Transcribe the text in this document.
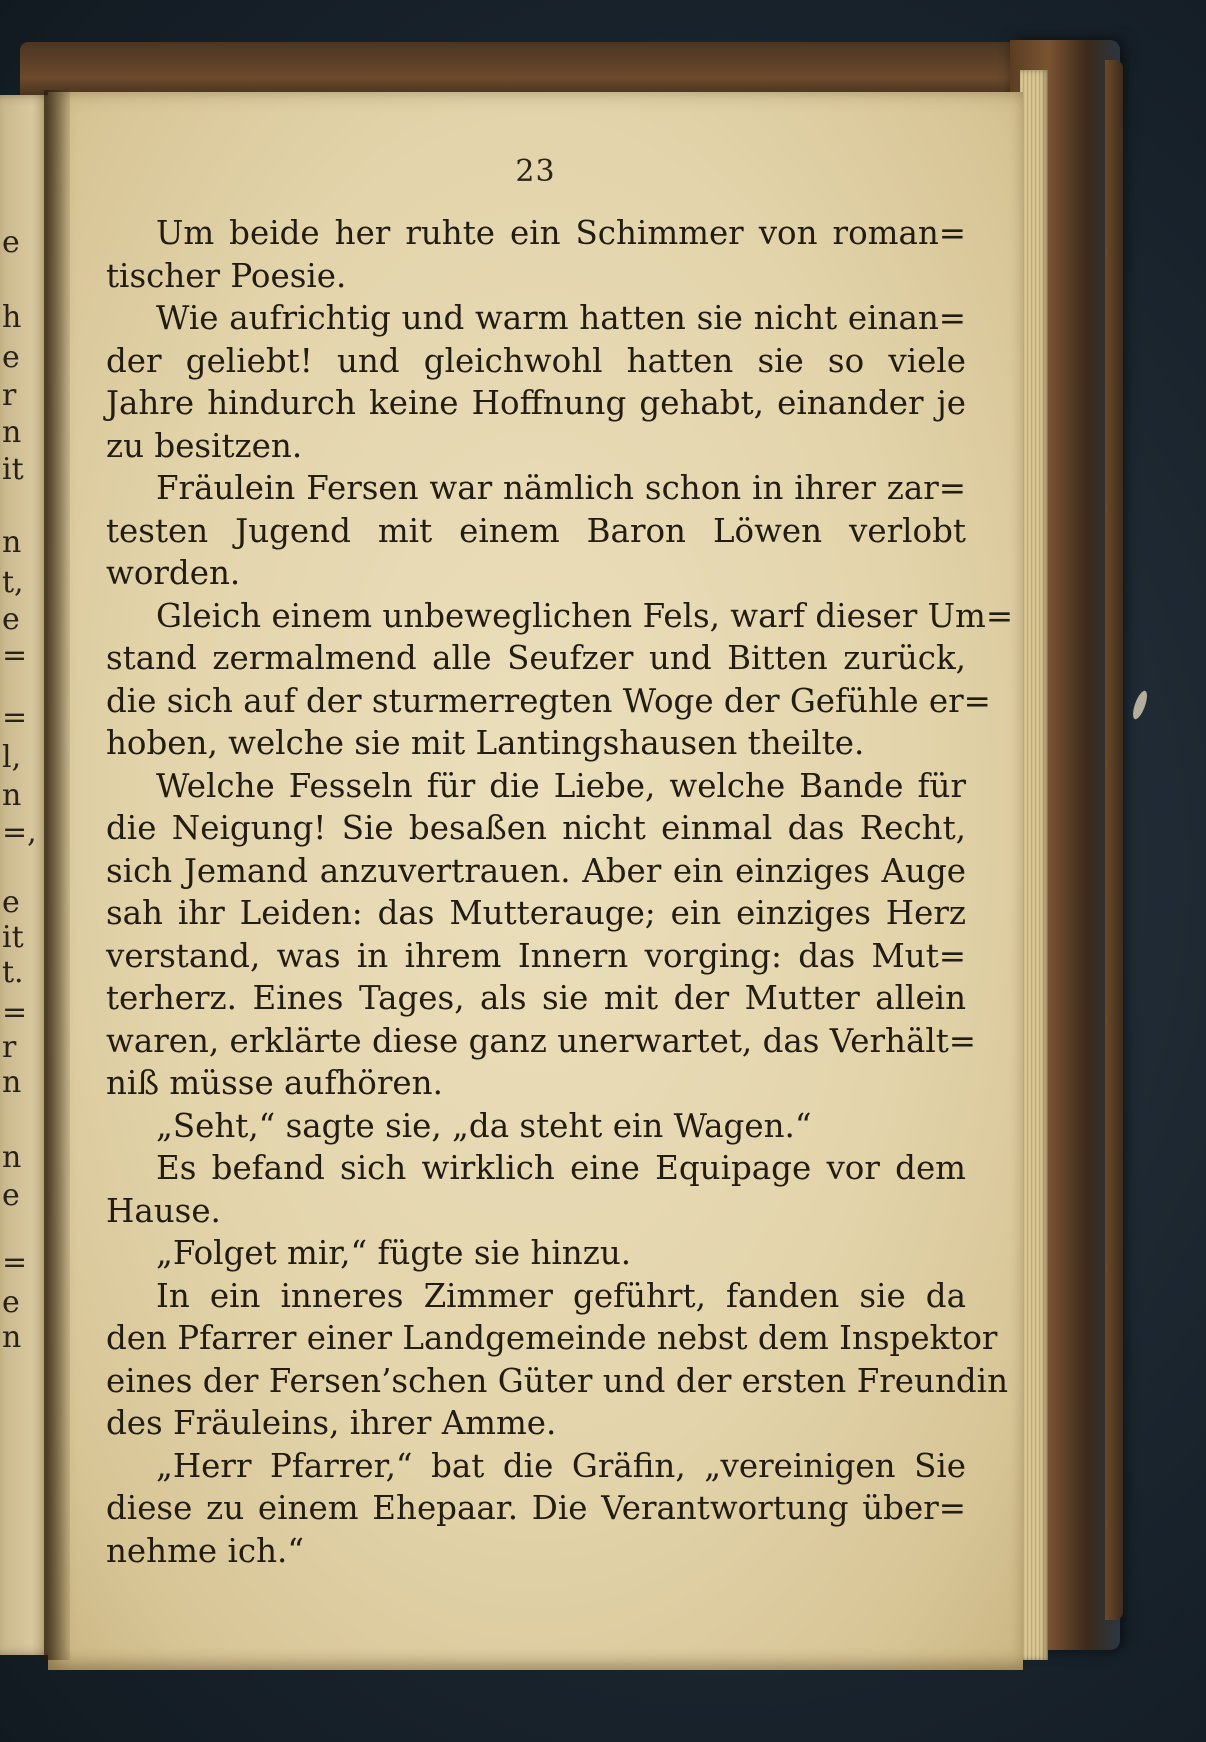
e
h
e
r
n
it
n
t,
e
=
=
l,
n
=,
e
it
t.
=
r
n
n
e
=
e
n
23
Um beide her ruhte ein Schimmer von roman=
tischer Poesie.
Wie aufrichtig und warm hatten sie nicht einan=
der geliebt! und gleichwohl hatten sie so viele
Jahre hindurch keine Hoffnung gehabt, einander je
zu besitzen.
Fräulein Fersen war nämlich schon in ihrer zar=
testen Jugend mit einem Baron Löwen verlobt
worden.
Gleich einem unbeweglichen Fels, warf dieser Um=
stand zermalmend alle Seufzer und Bitten zurück,
die sich auf der sturmerregten Woge der Gefühle er=
hoben, welche sie mit Lantingshausen theilte.
Welche Fesseln für die Liebe, welche Bande für
die Neigung! Sie besaßen nicht einmal das Recht,
sich Jemand anzuvertrauen. Aber ein einziges Auge
sah ihr Leiden: das Mutterauge; ein einziges Herz
verstand, was in ihrem Innern vorging: das Mut=
terherz. Eines Tages, als sie mit der Mutter allein
waren, erklärte diese ganz unerwartet, das Verhält=
niß müsse aufhören.
„Seht,“ sagte sie, „da steht ein Wagen.“
Es befand sich wirklich eine Equipage vor dem
Hause.
„Folget mir,“ fügte sie hinzu.
In ein inneres Zimmer geführt, fanden sie da
den Pfarrer einer Landgemeinde nebst dem Inspektor
eines der Fersen’schen Güter und der ersten Freundin
des Fräuleins, ihrer Amme.
„Herr Pfarrer,“ bat die Gräfin, „vereinigen Sie
diese zu einem Ehepaar. Die Verantwortung über=
nehme ich.“
